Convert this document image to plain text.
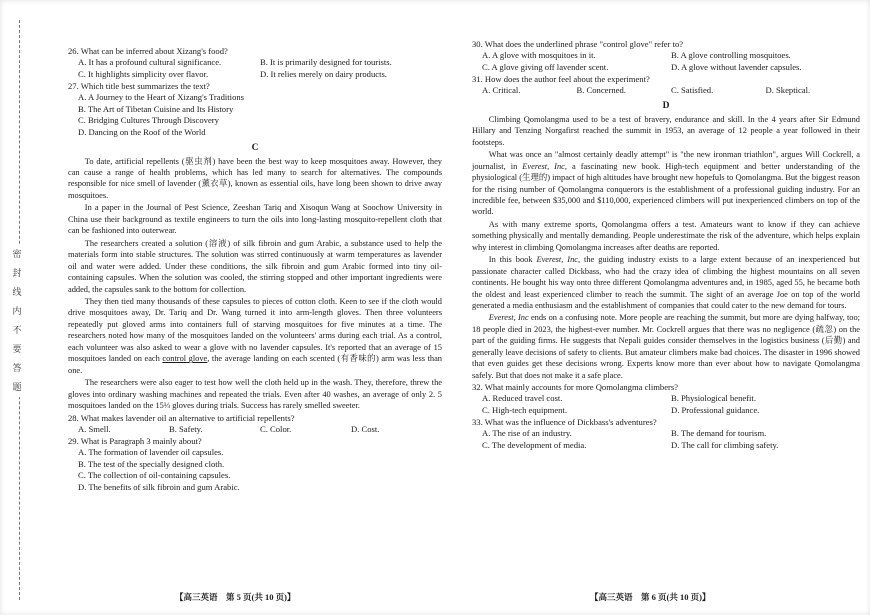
密 封 线 内 不 要 答 题

26. What can be inferred about Xizang's food?

A. It has a profound cultural significance.	B. It is primarily designed for tourists.
C. It highlights simplicity over flavor.	D. It relies merely on dairy products.

27. Which title best summarizes the text?

A. A Journey to the Heart of Xizang's Traditions
B. The Art of Tibetan Cuisine and Its History
C. Bridging Cultures Through Discovery
D. Dancing on the Roof of the World
C

To date, artificial repellents (驱虫剂) have been the best way to keep mosquitoes away. However, they can cause a range of health problems, which has led many to search for alternatives. The compounds responsible for nice smell of lavender (薰衣草), known as essential oils, have long been shown to drive away mosquitoes.

In a paper in the Journal of Pest Science, Zeeshan Tariq and Xisoqun Wang at Soochow University in China use their background as textile engineers to turn the oils into long-lasting mosquito-repellent cloth that can be fashioned into outerwear.

The researchers created a solution (溶液) of silk fibroin and gum Arabic, a substance used to help the materials form into stable structures. The solution was stirred continuously at warm temperatures as lavender oil and water were added. Under these conditions, the silk fibroin and gum Arabic formed into tiny oil-containing capsules. When the solution was cooled, the stirring stopped and other important ingredients were added, the capsules sank to the bottom for collection.

They then tied many thousands of these capsules to pieces of cotton cloth. Keen to see if the cloth would drive mosquitoes away, Dr. Tariq and Dr. Wang turned it into arm-length gloves. Then three volunteers repeatedly put gloved arms into containers full of starving mosquitoes for five minutes at a time. The researchers noted how many of the mosquitoes landed on the volunteers' arms during each trial. As a control, each volunteer was also asked to wear a glove with no lavender capsules. It's reported that an average of 15 mosquitoes landed on each control glove, the average landing on each scented (有香味的) arm was less than one.

The researchers were also eager to test how well the cloth held up in the wash. They, therefore, threw the gloves into ordinary washing machines and repeated the trials. Even after 40 washes, an average of only 2. 5 mosquitoes landed on the 15⅓ gloves during trials. Success has rarely smelled sweeter.

28. What makes lavender oil an alternative to artificial repellents?

A. Smell.	B. Safety.	C. Color.	D. Cost.

29. What is Paragraph 3 mainly about?

A. The formation of lavender oil capsules.
B. The test of the specially designed cloth.
C. The collection of oil-containing capsules.
D. The benefits of silk fibroin and gum Arabic.
【高三英语　第 5 页(共 10 页)】

30. What does the underlined phrase "control glove" refer to?

A. A glove with mosquitoes in it.	B. A glove controlling mosquitoes.
C. A glove giving off lavender scent.	D. A glove without lavender capsules.

31. How does the author feel about the experiment?

A. Critical.	B. Concerned.	C. Satisfied.	D. Skeptical.
D

Climbing Qomolangma used to be a test of bravery, endurance and skill. In the 4 years after Sir Edmund Hillary and Tenzing Norgafirst reached the summit in 1953, an average of 12 people a year followed in their footsteps.

What was once an "almost certainly deadly attempt" is "the new ironman triathlon", argues Will Cockrell, a journalist, in Everest, Inc, a fascinating new book. High-tech equipment and better understanding of the physiological (生理的) impact of high altitudes have brought new hopefuls to Qomolangma. But the biggest reason for the rising number of Qomolangma conquerors is the establishment of a professional guiding industry. For an incredible fee, between $35,000 and $110,000, experienced climbers will put inexperienced climbers on top of the world.

As with many extreme sports, Qomolangma offers a test. Amateurs want to know if they can achieve something physically and mentally demanding. People underestimate the risk of the adventure, which helps explain why interest in climbing Qomolangma increases after deaths are reported.

In this book Everest, Inc, the guiding industry exists to a large extent because of an inexperienced but passionate character called Dickbass, who had the crazy idea of climbing the highest mountains on all seven continents. He bought his way onto three different Qomolangma adventures and, in 1985, aged 55, he became both the oldest and least experienced climber to reach the summit. The sight of an average Joe on top of the world generated a media enthusiasm and the establishment of companies that could cater to the new demand for tours.

Everest, Inc ends on a confusing note. More people are reaching the summit, but more are dying halfway, too; 18 people died in 2023, the highest-ever number. Mr. Cockrell argues that there was no negligence (疏忽) on the part of the guiding firms. He suggests that Nepali guides consider themselves in the logistics business (后勤) and generally leave decisions of safety to clients. But amateur climbers make bad choices. The disaster in 1996 showed that even guides get these decisions wrong. Experts know more than ever about how to navigate Qomolangma safely. But that does not make it a safe place.

32. What mainly accounts for more Qomolangma climbers?

A. Reduced travel cost.	B. Physiological benefit.
C. High-tech equipment.	D. Professional guidance.

33. What was the influence of Dickbass's adventures?

A. The rise of an industry.	B. The demand for tourism.
C. The development of media.	D. The call for climbing safety.
【高三英语　第 6 页(共 10 页)】
